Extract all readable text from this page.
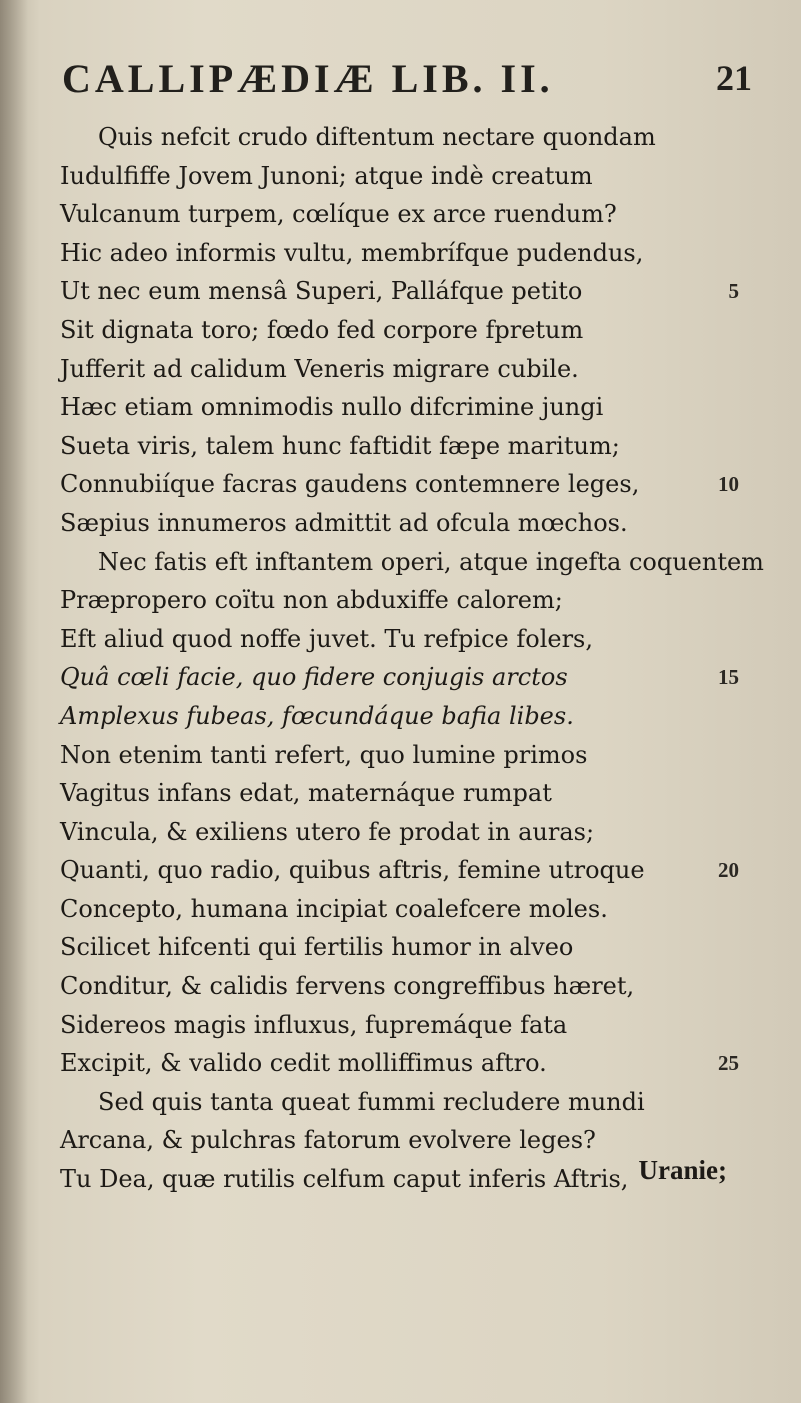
CALLIPÆDIÆ LIB. II.	21
Quis nefcit crudo diftentum nectare quondam
Iudulfiffe Jovem Junoni; atque indè creatum
Vulcanum turpem, cœlíque ex arce ruendum?
Hic adeo informis vultu, membrífque pudendus,
Ut nec eum mensâ Superi, Palláfque petito	5
Sit dignata toro; fœdo fed corpore fpretum
Jufferit ad calidum Veneris migrare cubile.
Hæc etiam omnimodis nullo difcrimine jungi
Sueta viris, talem hunc faftidit fæpe maritum;
Connubiíque facras gaudens contemnere leges,	10
Sæpius innumeros admittit ad ofcula mœchos.
Nec fatis eft inftantem operi, atque ingefta coquentem
Præpropero coïtu non abduxiffe calorem;
Eft aliud quod noffe juvet. Tu refpice folers,
Quâ cœli facie, quo fidere conjugis arctos	15
Amplexus fubeas, fœcundáque bafia libes.
Non etenim tanti refert, quo lumine primos
Vagitus infans edat, maternáque rumpat
Vincula, & exiliens utero fe prodat in auras;
Quanti, quo radio, quibus aftris, femine utroque	20
Concepto, humana incipiat coalefcere moles.
Scilicet hifcenti qui fertilis humor in alveo
Conditur, & calidis fervens congreffibus hæret,
Sidereos magis influxus, fupremáque fata
Excipit, & valido cedit molliffimus aftro.	25
Sed quis tanta queat fummi recludere mundi
Arcana, & pulchras fatorum evolvere leges?
Tu Dea, quæ rutilis celfum caput inferis Aftris, Uranie;
